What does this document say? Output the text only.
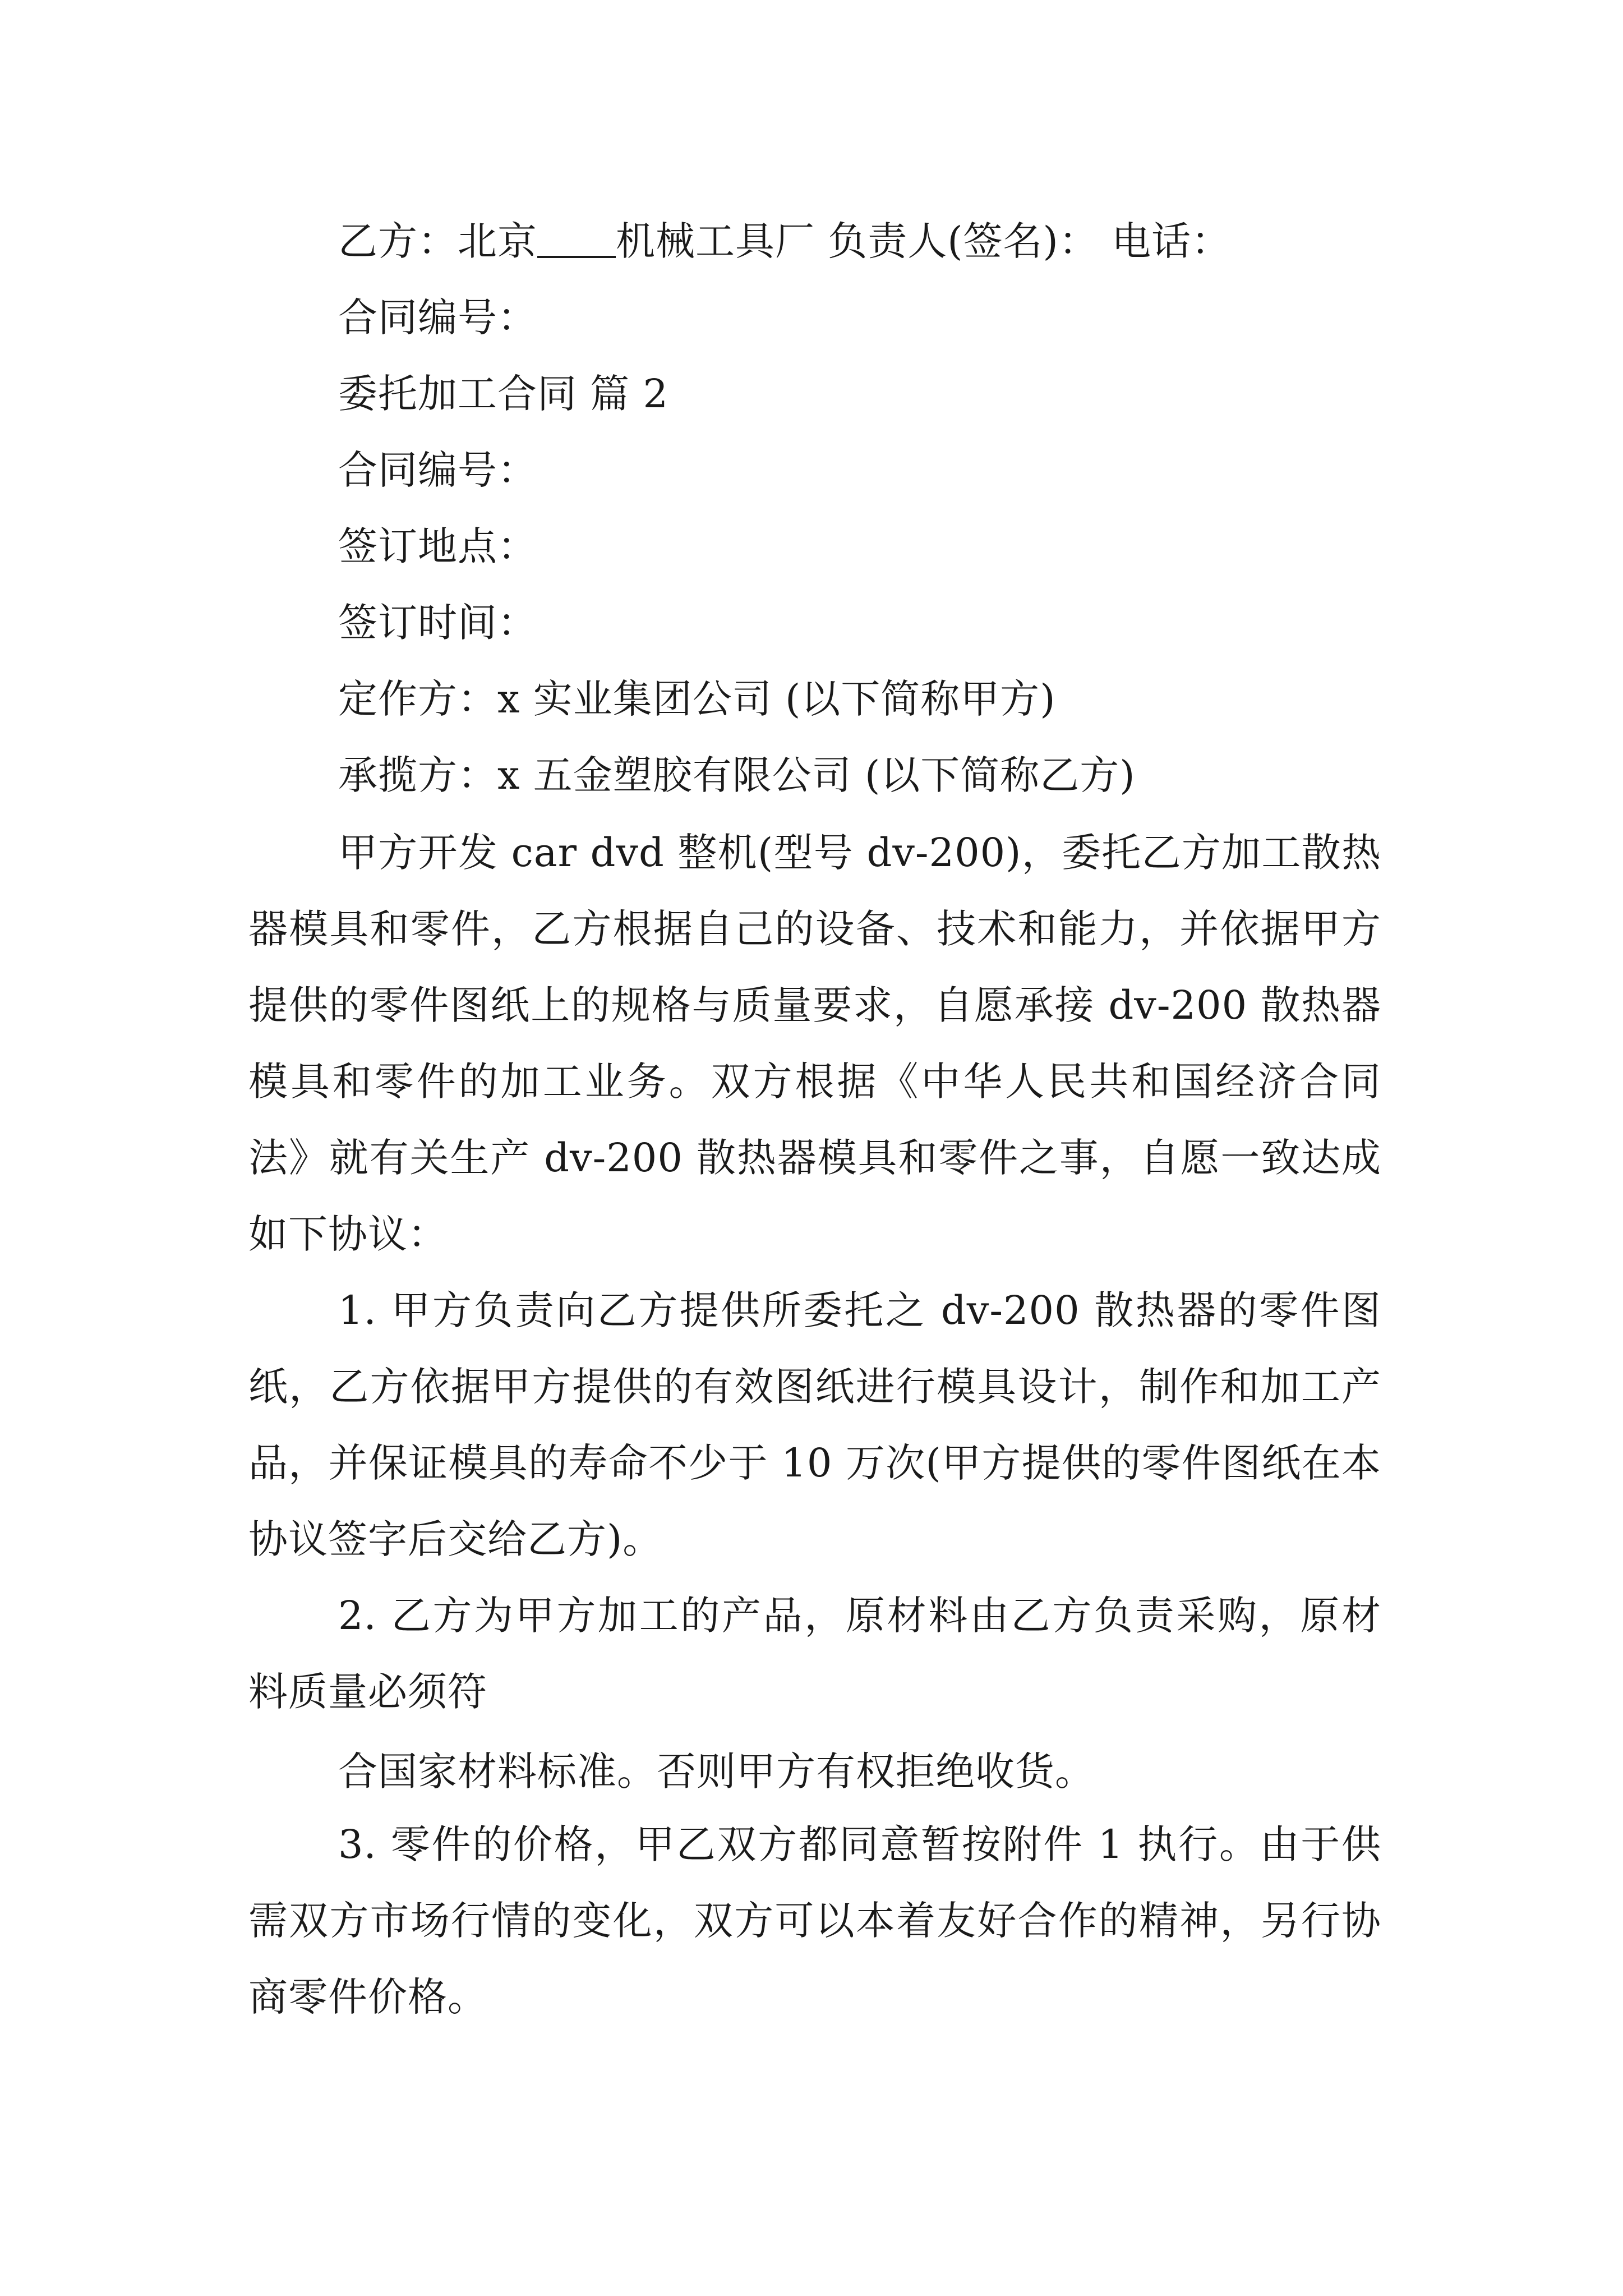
乙方：北京 机械工具厂 负责人(签名)： 电话：
合同编号：
委托加工合同 篇 2
合同编号：
签订地点：
签订时间：
定作方：x 实业集团公司 (以下简称甲方)
承揽方：x 五金塑胶有限公司 (以下简称乙方)
甲方开发 car dvd 整机(型号 dv-200)，委托乙方加工散热器模具和零件，乙方根据自己的设备、技术和能力，并依据甲方提供的零件图纸上的规格与质量要求，自愿承接 dv-200 散热器模具和零件的加工业务。双方根据《中华人民共和国经济合同法》就有关生产 dv-200 散热器模具和零件之事，自愿一致达成如下协议：
1. 甲方负责向乙方提供所委托之 dv-200 散热器的零件图纸，乙方依据甲方提供的有效图纸进行模具设计，制作和加工产品，并保证模具的寿命不少于 10 万次(甲方提供的零件图纸在本协议签字后交给乙方)。
2. 乙方为甲方加工的产品，原材料由乙方负责采购，原材料质量必须符
合国家材料标准。否则甲方有权拒绝收货。
3. 零件的价格，甲乙双方都同意暂按附件 1 执行。由于供需双方市场行情的变化，双方可以本着友好合作的精神，另行协商零件价格。
